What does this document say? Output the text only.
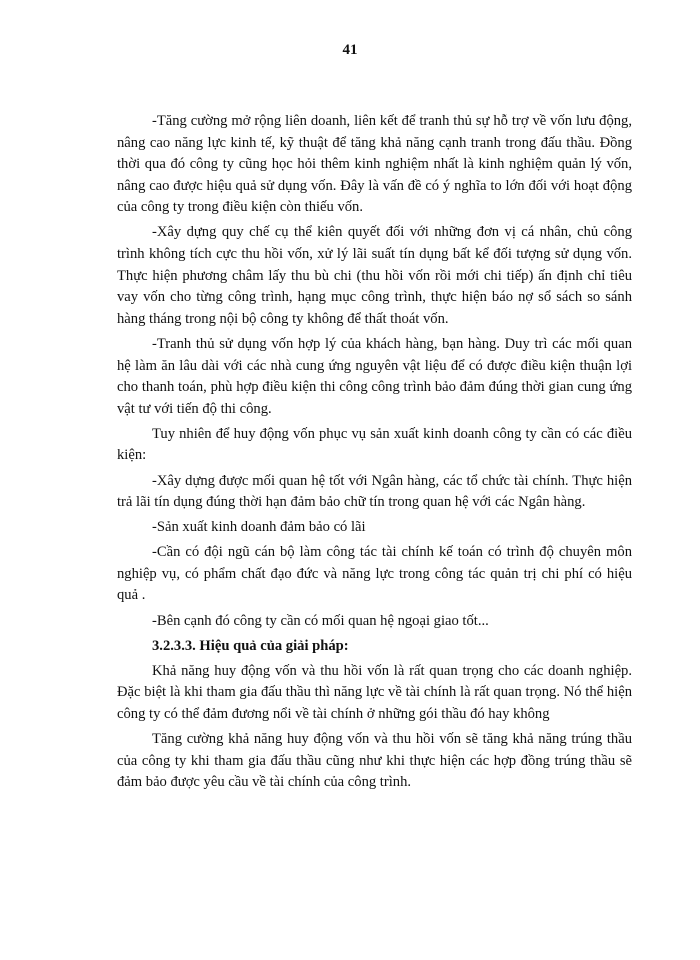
41

-Tăng cường mở rộng liên doanh, liên kết để tranh thủ sự hỗ trợ về vốn lưu động, nâng cao năng lực kinh tế, kỹ thuật để tăng khả năng cạnh tranh trong đấu thầu. Đồng thời qua đó công ty cũng học hỏi thêm kinh nghiệm nhất là kinh nghiệm quản lý vốn, nâng cao được hiệu quả sử dụng vốn. Đây là vấn đề có ý nghĩa to lớn đối với hoạt động của công ty trong điều kiện còn thiếu vốn.

-Xây dựng quy chế cụ thể kiên quyết đối với những đơn vị cá nhân, chủ công trình không tích cực thu hồi vốn, xử lý lãi suất tín dụng bất kể đối tượng sử dụng vốn. Thực hiện phương châm lấy thu bù chi (thu hồi vốn rồi mới chi tiếp) ấn định chỉ tiêu vay vốn cho từng công trình, hạng mục công trình, thực hiện báo nợ sổ sách so sánh hàng tháng trong nội bộ công ty không để thất thoát vốn.

-Tranh thủ sử dụng vốn hợp lý của khách hàng, bạn hàng. Duy trì các mối quan hệ làm ăn lâu dài với các nhà cung ứng nguyên vật liệu để có được điều kiện thuận lợi cho thanh toán, phù hợp điều kiện thi công công trình bảo đảm đúng thời gian cung ứng vật tư với tiến độ thi công.

Tuy nhiên để huy động vốn phục vụ sản xuất kinh doanh công ty cần có các điều kiện:

-Xây dựng được mối quan hệ tốt với Ngân hàng, các tổ chức tài chính. Thực hiện trả lãi tín dụng đúng thời hạn đảm bảo chữ tín trong quan hệ với các Ngân hàng.

-Sản xuất kinh doanh đảm bảo có lãi

-Cần có đội ngũ cán bộ làm công tác tài chính kế toán có trình độ chuyên môn nghiệp vụ, có phẩm chất đạo đức và năng lực trong công tác quản trị chi phí có hiệu quả .

-Bên cạnh đó công ty cần có mối quan hệ ngoại giao tốt...

3.2.3.3. Hiệu quả của giải pháp:

Khả năng huy động vốn và thu hồi vốn là rất quan trọng cho các doanh nghiệp. Đặc biệt là khi tham gia đấu thầu thì năng lực về tài chính là rất quan trọng. Nó thể hiện công ty có thể đảm đương nổi về tài chính ở những gói thầu đó hay không

Tăng cường khả năng huy động vốn và thu hồi vốn sẽ tăng khả năng trúng thầu của công ty khi tham gia đấu thầu cũng như khi thực hiện các hợp đồng trúng thầu sẽ đảm bảo được yêu cầu về tài chính của công trình.
